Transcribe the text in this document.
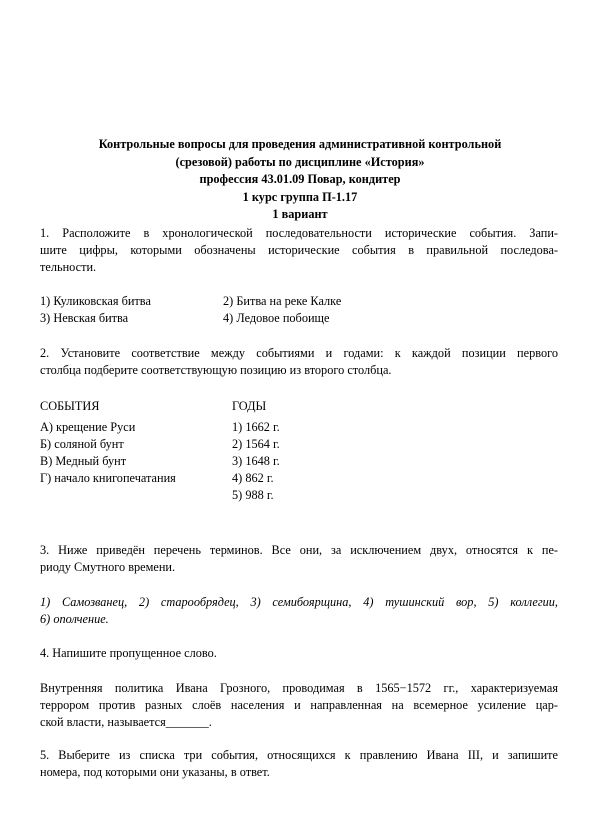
Контрольные вопросы для проведения административной контрольной
(срезовой) работы по дисциплине «История»
профессия 43.01.09 Повар, кондитер
1 курс группа П-1.17
1 вариант
1. Расположите в хронологической последовательности исторические события. Запи-
шите цифры, которыми обозначены исторические события в правильной последова-
тельности.
1) Куликовская битва	2) Битва на реке Калке
3) Невская битва	4) Ледовое побоище
2. Установите соответствие между событиями и годами: к каждой позиции первого
столбца подберите соответствующую позицию из второго столбца.
СОБЫТИЯ	ГОДЫ
А) крещение Руси	1) 1662 г.
Б) соляной бунт	2) 1564 г.
В) Медный бунт	3) 1648 г.
Г) начало книгопечатания	4) 862 г.
5) 988 г.
3. Ниже приведён перечень терминов. Все они, за исключением двух, относятся к пе-
риоду Смутного времени.
1) Самозванец, 2) старообрядец, 3) семибоярщина, 4) тушинский вор, 5) коллегии,
6) ополчение.
4. Напишите пропущенное слово.
Внутренняя политика Ивана Грозного, проводимая в 1565−1572 гг., характеризуемая
террором против разных слоёв населения и направленная на всемерное усиление цар-
ской власти, называется_______.
5. Выберите из списка три события, относящихся к правлению Ивана III, и запишите
номера, под которыми они указаны, в ответ.
